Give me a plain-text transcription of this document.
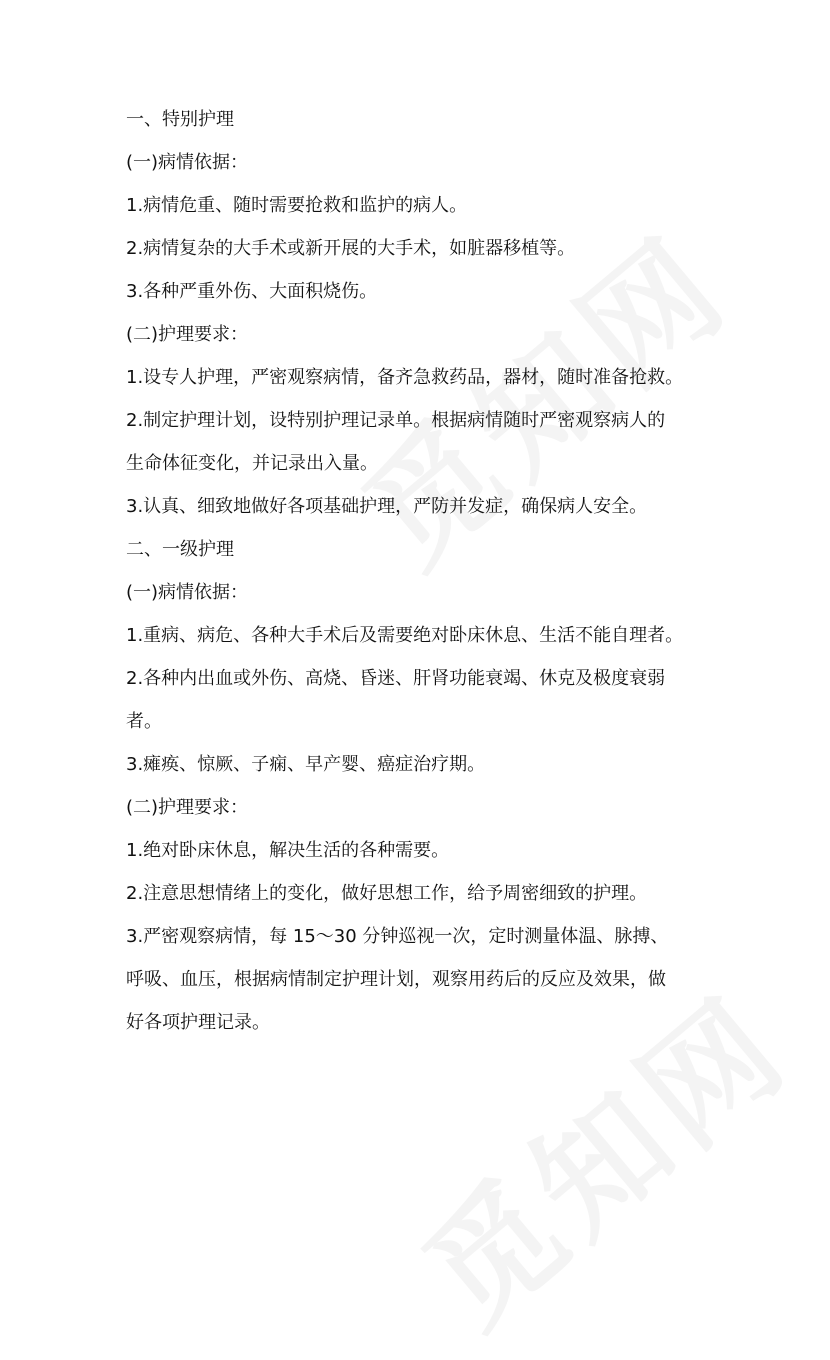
一、特别护理

(一)病情依据：

1.病情危重、随时需要抢救和监护的病人。

2.病情复杂的大手术或新开展的大手术，如脏器移植等。

3.各种严重外伤、大面积烧伤。

(二)护理要求：

1.设专人护理，严密观察病情，备齐急救药品，器材，随时准备抢救。

2.制定护理计划，设特别护理记录单。根据病情随时严密观察病人的

生命体征变化，并记录出入量。

3.认真、细致地做好各项基础护理，严防并发症，确保病人安全。

二、一级护理

(一)病情依据：

1.重病、病危、各种大手术后及需要绝对卧床休息、生活不能自理者。

2.各种内出血或外伤、高烧、昏迷、肝肾功能衰竭、休克及极度衰弱

者。

3.瘫痪、惊厥、子痫、早产婴、癌症治疗期。

(二)护理要求：

1.绝对卧床休息，解决生活的各种需要。

2.注意思想情绪上的变化，做好思想工作，给予周密细致的护理。

3.严密观察病情，每 15～30 分钟巡视一次，定时测量体温、脉搏、

呼吸、血压，根据病情制定护理计划，观察用药后的反应及效果，做

好各项护理记录。
